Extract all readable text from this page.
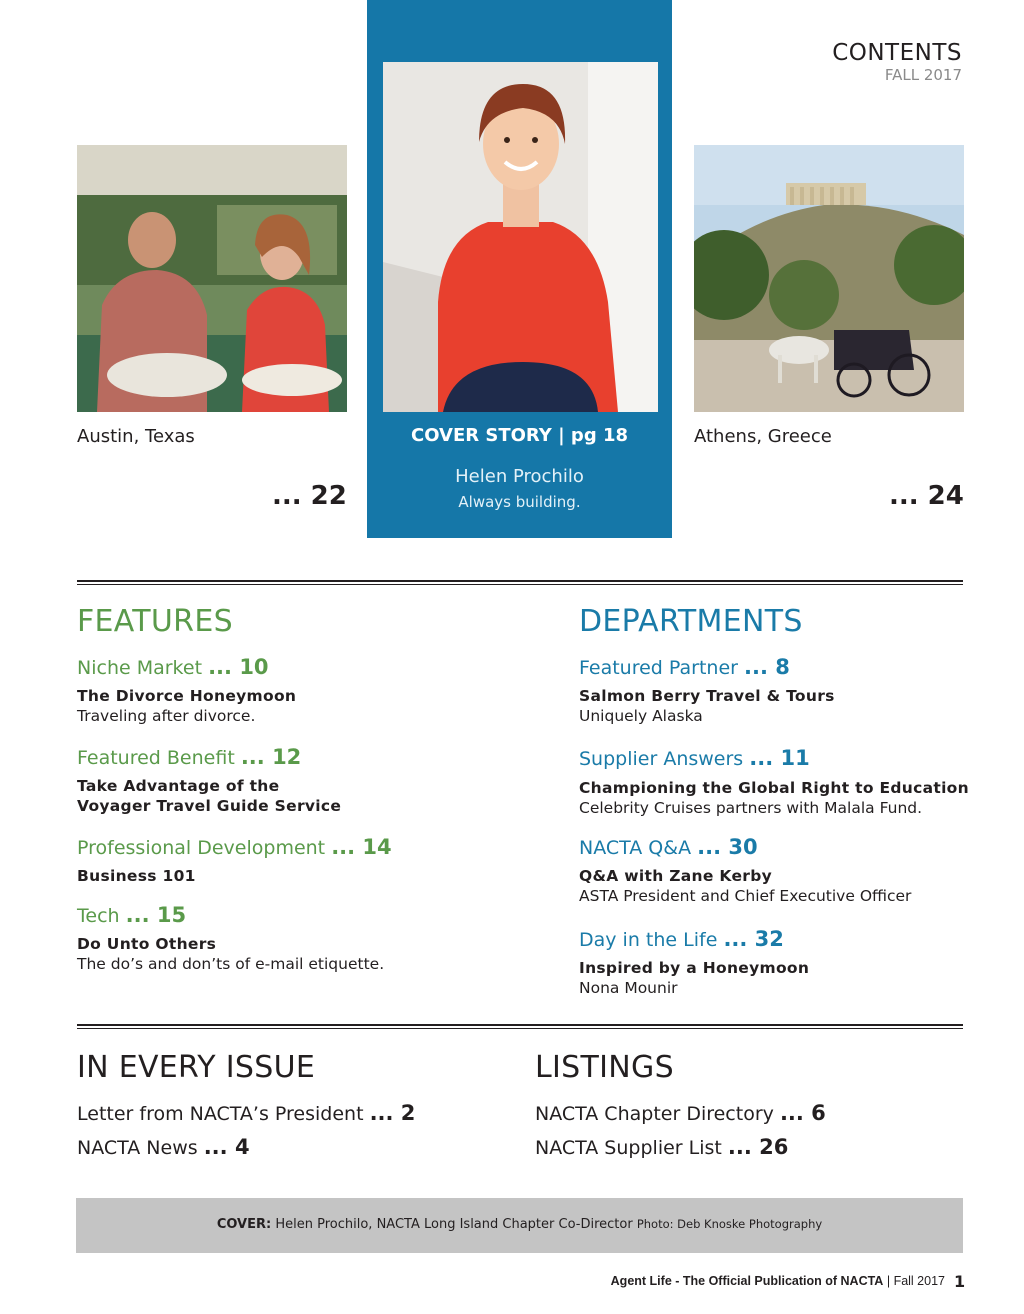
CONTENTS
FALL 2017
COVER STORY | pg 18
Helen Prochilo
Always building.
Austin, Texas
... 22
Athens, Greece
... 24
FEATURES
Niche Market ... 10
The Divorce Honeymoon
Traveling after divorce.
Featured Benefit ... 12
Take Advantage of the
Voyager Travel Guide Service
Professional Development ... 14
Business 101
Tech ... 15
Do Unto Others
The do’s and don’ts of e-mail etiquette.
DEPARTMENTS
Featured Partner ... 8
Salmon Berry Travel & Tours
Uniquely Alaska
Supplier Answers ... 11
Championing the Global Right to Education
Celebrity Cruises partners with Malala Fund.
NACTA Q&A ... 30
Q&A with Zane Kerby
ASTA President and Chief Executive Officer
Day in the Life ... 32
Inspired by a Honeymoon
Nona Mounir
IN EVERY ISSUE
Letter from NACTA’s President ... 2
NACTA News ... 4
LISTINGS
NACTA Chapter Directory ... 6
NACTA Supplier List ... 26
COVER: Helen Prochilo, NACTA Long Island Chapter Co-Director Photo: Deb Knoske Photography
Agent Life - The Official Publication of NACTA | Fall 2017 1
